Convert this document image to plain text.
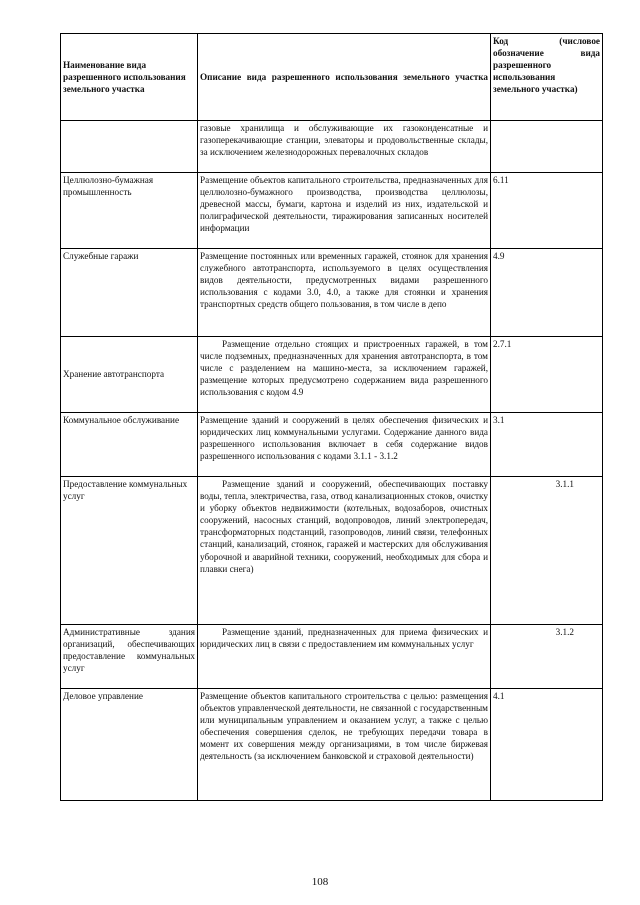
Наименование вида разрешенного использования земельного участка	Описание вида разрешенного использования земельного участка	Код (числовое обозначение вида разрешенного использования земельного участка)

	газовые хранилища и обслуживающие их газоконденсатные и газоперекачивающие станции, элеваторы и продовольственные склады, за исключением железнодорожных перевалочных складов	

Целлюлозно-бумажная промышленность	Размещение объектов капитального строительства, предназначенных для целлюлозно-бумажного производства, производства целлюлозы, древесной массы, бумаги, картона и изделий из них, издательской и полиграфической деятельности, тиражирования записанных носителей информации	6.11
Служебные гаражи	Размещение постоянных или временных гаражей, стоянок для хранения служебного автотранспорта, используемого в целях осуществления видов деятельности, предусмотренных видами разрешенного использования с кодами 3.0, 4.0, а также для стоянки и хранения транспортных средств общего пользования, в том числе в депо	4.9
Хранение автотранспорта	Размещение отдельно стоящих и пристроенных гаражей, в том числе подземных, предназначенных для хранения автотранспорта, в том числе с разделением на машино-места, за исключением гаражей, размещение которых предусмотрено содержанием вида разрешенного использования с кодом 4.9	2.7.1
Коммунальное обслуживание	Размещение зданий и сооружений в целях обеспечения физических и юридических лиц коммунальными услугами. Содержание данного вида разрешенного использования включает в себя содержание видов разрешенного использования с кодами 3.1.1 - 3.1.2	3.1
Предоставление коммунальных услуг	Размещение зданий и сооружений, обеспечивающих поставку воды, тепла, электричества, газа, отвод канализационных стоков, очистку и уборку объектов недвижимости (котельных, водозаборов, очистных сооружений, насосных станций, водопроводов, линий электропередач, трансформаторных подстанций, газопроводов, линий связи, телефонных станций, канализаций, стоянок, гаражей и мастерских для обслуживания уборочной и аварийной техники, сооружений, необходимых для сбора и плавки снега)	3.1.1

Административные здания организаций, обеспечивающих предоставление коммунальных услуг	Размещение зданий, предназначенных для приема физических и юридических лиц в связи с предоставлением им коммунальных услуг	3.1.2
Деловое управление	Размещение объектов капитального строительства с целью: размещения объектов управленческой деятельности, не связанной с государственным или муниципальным управлением и оказанием услуг, а также с целью обеспечения совершения сделок, не требующих передачи товара в момент их совершения между организациями, в том числе биржевая деятельность (за исключением банковской и страховой деятельности)	4.1
108
